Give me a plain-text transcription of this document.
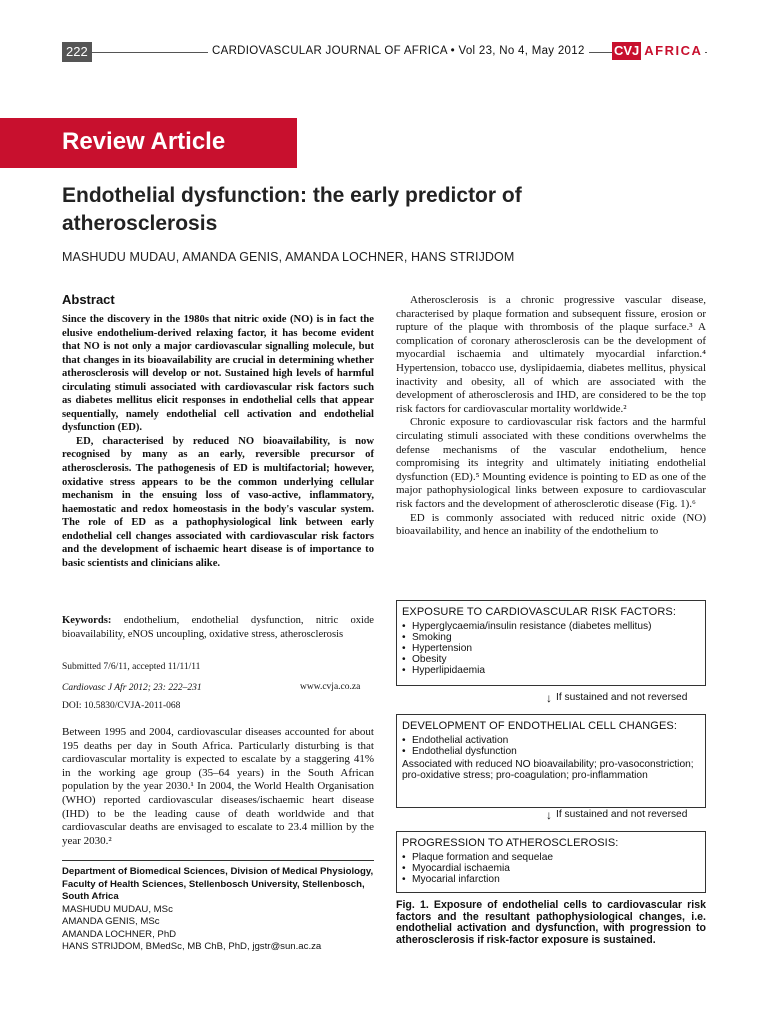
222	CARDIOVASCULAR JOURNAL OF AFRICA • Vol 23, No 4, May 2012	CVJ AFRICA
Review Article
Endothelial dysfunction: the early predictor of atherosclerosis
MASHUDU MUDAU, AMANDA GENIS, AMANDA LOCHNER, HANS STRIJDOM
Abstract

Since the discovery in the 1980s that nitric oxide (NO) is in fact the elusive endothelium-derived relaxing factor, it has become evident that NO is not only a major cardiovascular signalling molecule, but that changes in its bioavailability are crucial in determining whether atherosclerosis will develop or not. Sustained high levels of harmful circulating stimuli associated with cardiovascular risk factors such as diabetes mellitus elicit responses in endothelial cells that appear sequentially, namely endothelial cell activation and endothelial dysfunction (ED).

ED, characterised by reduced NO bioavailability, is now recognised by many as an early, reversible precursor of atherosclerosis. The pathogenesis of ED is multifactorial; however, oxidative stress appears to be the common underlying cellular mechanism in the ensuing loss of vaso-active, inflammatory, haemostatic and redox homeostasis in the body's vascular system. The role of ED as a pathophysiological link between early endothelial cell changes associated with cardiovascular risk factors and the development of ischaemic heart disease is of importance to basic scientists and clinicians alike.

Keywords: endothelium, endothelial dysfunction, nitric oxide bioavailability, eNOS uncoupling, oxidative stress, atherosclerosis
Submitted 7/6/11, accepted 11/11/11
Cardiovasc J Afr 2012; 23: 222–231	www.cvja.co.za
DOI: 10.5830/CVJA-2011-068
Between 1995 and 2004, cardiovascular diseases accounted for about 195 deaths per day in South Africa. Particularly disturbing is that cardiovascular mortality is expected to escalate by a staggering 41% in the working age group (35–64 years) in the South African population by the year 2030.¹ In 2004, the World Health Organisation (WHO) reported cardiovascular diseases/ischaemic heart disease (IHD) to be the leading cause of death worldwide and that cardiovascular deaths are envisaged to escalate to 23.4 million by the year 2030.²
Department of Biomedical Sciences, Division of Medical Physiology, Faculty of Health Sciences, Stellenbosch University, Stellenbosch, South Africa
MASHUDU MUDAU, MSc
AMANDA GENIS, MSc
AMANDA LOCHNER, PhD
HANS STRIJDOM, BMedSc, MB ChB, PhD, jgstr@sun.ac.za

Atherosclerosis is a chronic progressive vascular disease, characterised by plaque formation and subsequent fissure, erosion or rupture of the plaque with thrombosis of the plaque surface.³ A complication of coronary atherosclerosis can be the development of myocardial ischaemia and ultimately myocardial infarction.⁴ Hypertension, tobacco use, dyslipidaemia, diabetes mellitus, physical inactivity and obesity, all of which are associated with the development of atherosclerosis and IHD, are considered to be the top risk factors for cardiovascular mortality worldwide.²

Chronic exposure to cardiovascular risk factors and the harmful circulating stimuli associated with these conditions overwhelms the defense mechanisms of the vascular endothelium, hence compromising its integrity and ultimately initiating endothelial dysfunction (ED).⁵ Mounting evidence is pointing to ED as one of the major pathophysiological links between exposure to cardiovascular risk factors and the development of atherosclerotic disease (Fig. 1).⁶

ED is commonly associated with reduced nitric oxide (NO) bioavailability, and hence an inability of the endothelium to

EXPOSURE TO CARDIOVASCULAR RISK FACTORS:
• Hyperglycaemia/insulin resistance (diabetes mellitus)
• Smoking
• Hypertension
• Obesity
• Hyperlipidaemia
↓ If sustained and not reversed
DEVELOPMENT OF ENDOTHELIAL CELL CHANGES:
• Endothelial activation
• Endothelial dysfunction
Associated with reduced NO bioavailability; pro-vasoconstriction; pro-oxidative stress; pro-coagulation; pro-inflammation
↓ If sustained and not reversed
PROGRESSION TO ATHEROSCLEROSIS:
• Plaque formation and sequelae
• Myocardial ischaemia
• Myocarial infarction
Fig. 1. Exposure of endothelial cells to cardiovascular risk factors and the resultant pathophysiological changes, i.e. endothelial activation and dysfunction, with progression to atherosclerosis if risk-factor exposure is sustained.
